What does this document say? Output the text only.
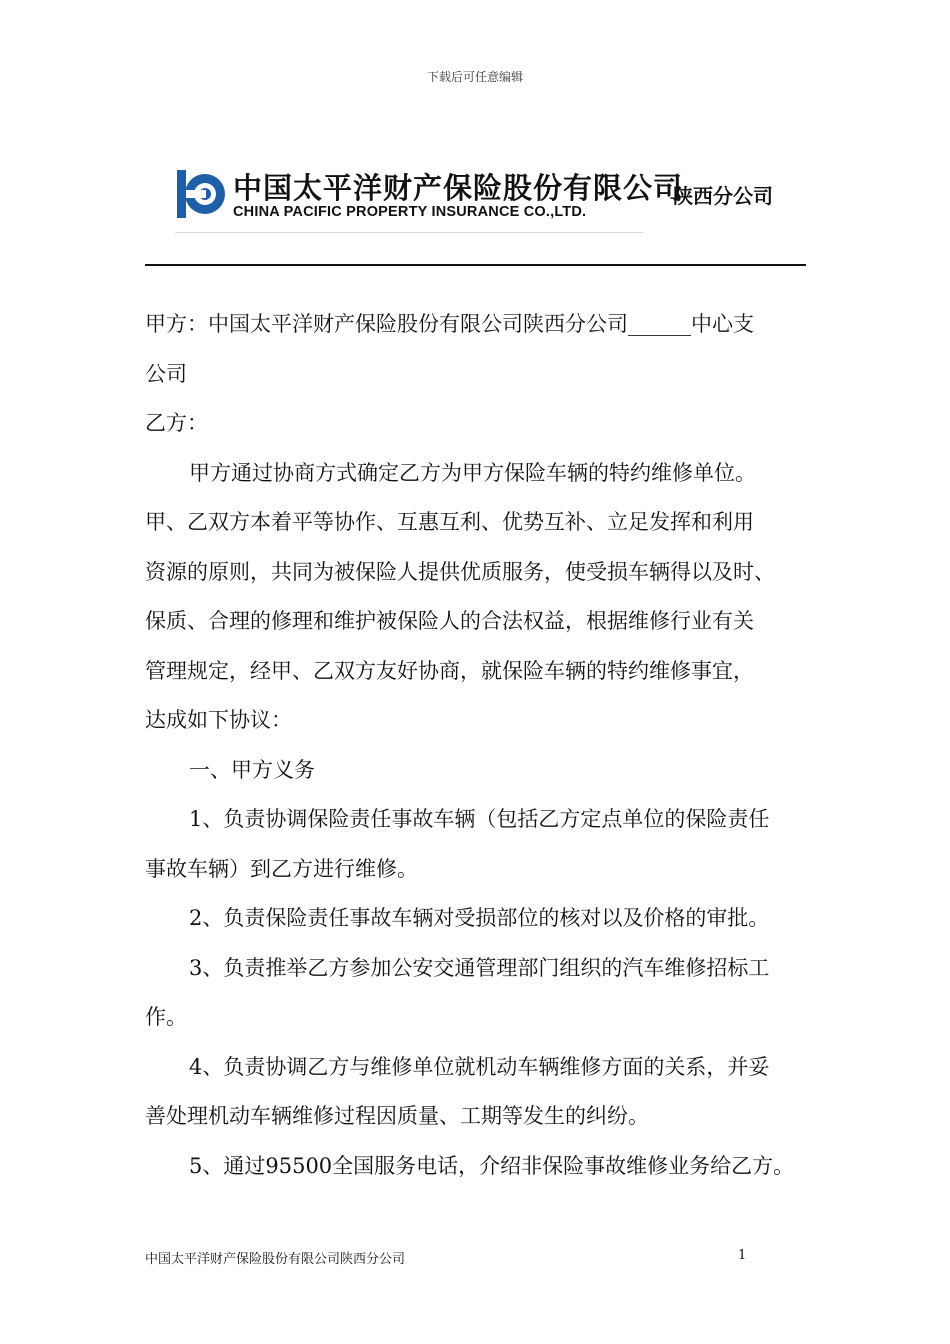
下载后可任意编辑
中国太平洋财产保险股份有限公司
CHINA PACIFIC PROPERTY INSURANCE CO.,LTD.
陕西分公司
甲方：中国太平洋财产保险股份有限公司陕西分公司______中心支
公司
乙方：
甲方通过协商方式确定乙方为甲方保险车辆的特约维修单位。
甲、乙双方本着平等协作、互惠互利、优势互补、立足发挥和利用
资源的原则，共同为被保险人提供优质服务，使受损车辆得以及时、
保质、合理的修理和维护被保险人的合法权益，根据维修行业有关
管理规定，经甲、乙双方友好协商，就保险车辆的特约维修事宜，
达成如下协议：
一、甲方义务
1、负责协调保险责任事故车辆（包括乙方定点单位的保险责任
事故车辆）到乙方进行维修。
2、负责保险责任事故车辆对受损部位的核对以及价格的审批。
3、负责推举乙方参加公安交通管理部门组织的汽车维修招标工
作。
4、负责协调乙方与维修单位就机动车辆维修方面的关系，并妥
善处理机动车辆维修过程因质量、工期等发生的纠纷。
5、通过95500全国服务电话，介绍非保险事故维修业务给乙方。
中国太平洋财产保险股份有限公司陕西分公司	1
